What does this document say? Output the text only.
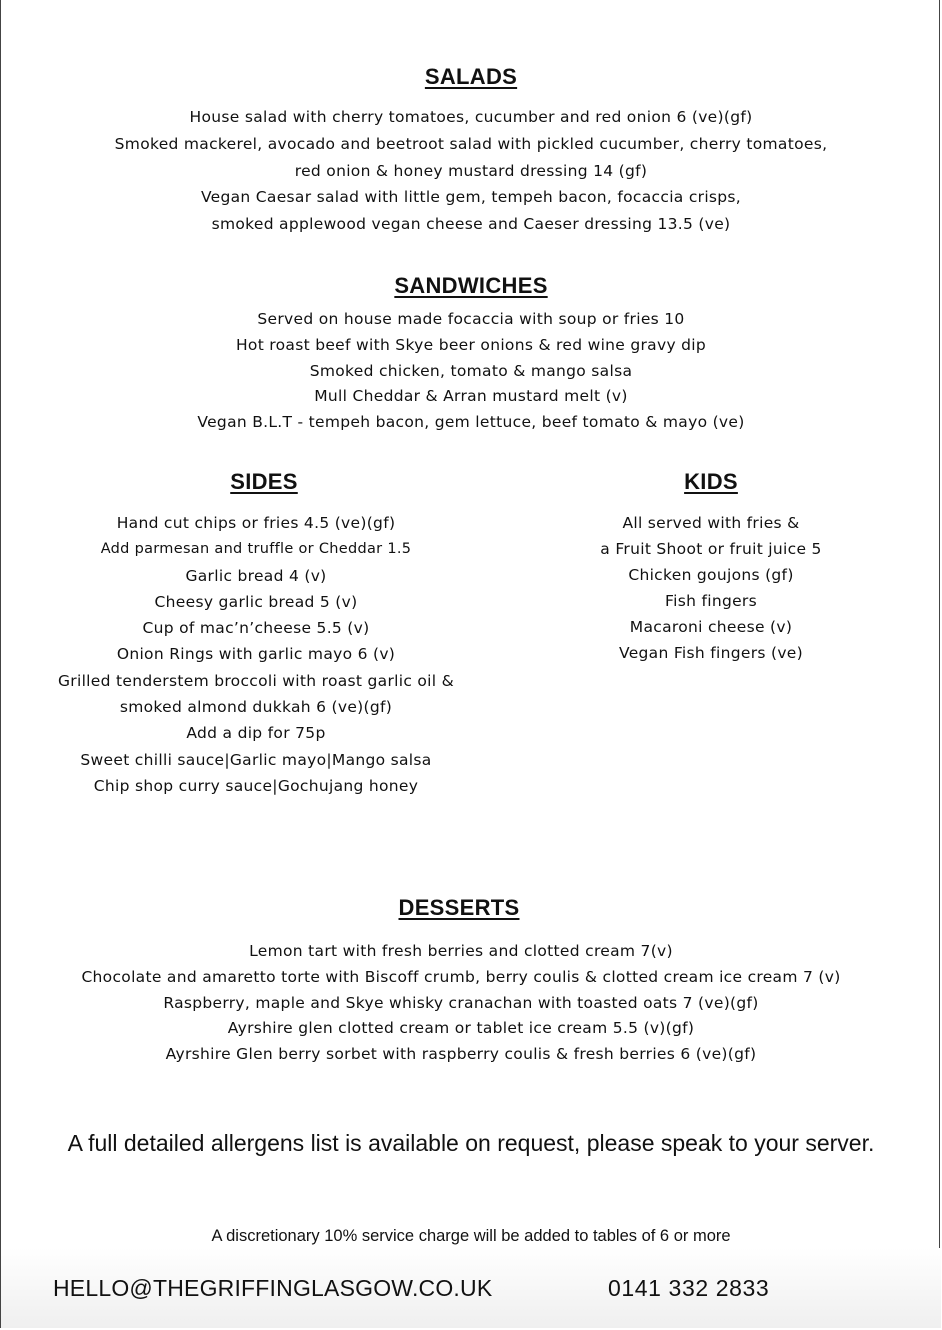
SALADS
House salad with cherry tomatoes, cucumber and red onion 6 (ve)(gf)
Smoked mackerel, avocado and beetroot salad with pickled cucumber, cherry tomatoes,
red onion & honey mustard dressing 14 (gf)
Vegan Caesar salad with little gem, tempeh bacon, focaccia crisps,
smoked applewood vegan cheese and Caeser dressing 13.5 (ve)
SANDWICHES
Served on house made focaccia with soup or fries 10
Hot roast beef with Skye beer onions & red wine gravy dip
Smoked chicken, tomato & mango salsa
Mull Cheddar & Arran mustard melt (v)
Vegan B.L.T - tempeh bacon, gem lettuce, beef tomato & mayo (ve)
SIDES
Hand cut chips or fries 4.5 (ve)(gf)
Add parmesan and truffle or Cheddar 1.5
Garlic bread 4 (v)
Cheesy garlic bread 5 (v)
Cup of mac’n’cheese 5.5 (v)
Onion Rings with garlic mayo 6 (v)
Grilled tenderstem broccoli with roast garlic oil &
smoked almond dukkah 6 (ve)(gf)
Add a dip for 75p
Sweet chilli sauce|Garlic mayo|Mango salsa
Chip shop curry sauce|Gochujang honey
KIDS
All served with fries &
a Fruit Shoot or fruit juice 5
Chicken goujons (gf)
Fish fingers
Macaroni cheese (v)
Vegan Fish fingers (ve)
DESSERTS
Lemon tart with fresh berries and clotted cream 7(v)
Chocolate and amaretto torte with Biscoff crumb, berry coulis & clotted cream ice cream 7 (v)
Raspberry, maple and Skye whisky cranachan with toasted oats 7 (ve)(gf)
Ayrshire glen clotted cream or tablet ice cream 5.5 (v)(gf)
Ayrshire Glen berry sorbet with raspberry coulis & fresh berries 6 (ve)(gf)
A full detailed allergens list is available on request, please speak to your server.
A discretionary 10% service charge will be added to tables of 6 or more
HELLO@THEGRIFFINGLASGOW.CO.UK	0141 332 2833
